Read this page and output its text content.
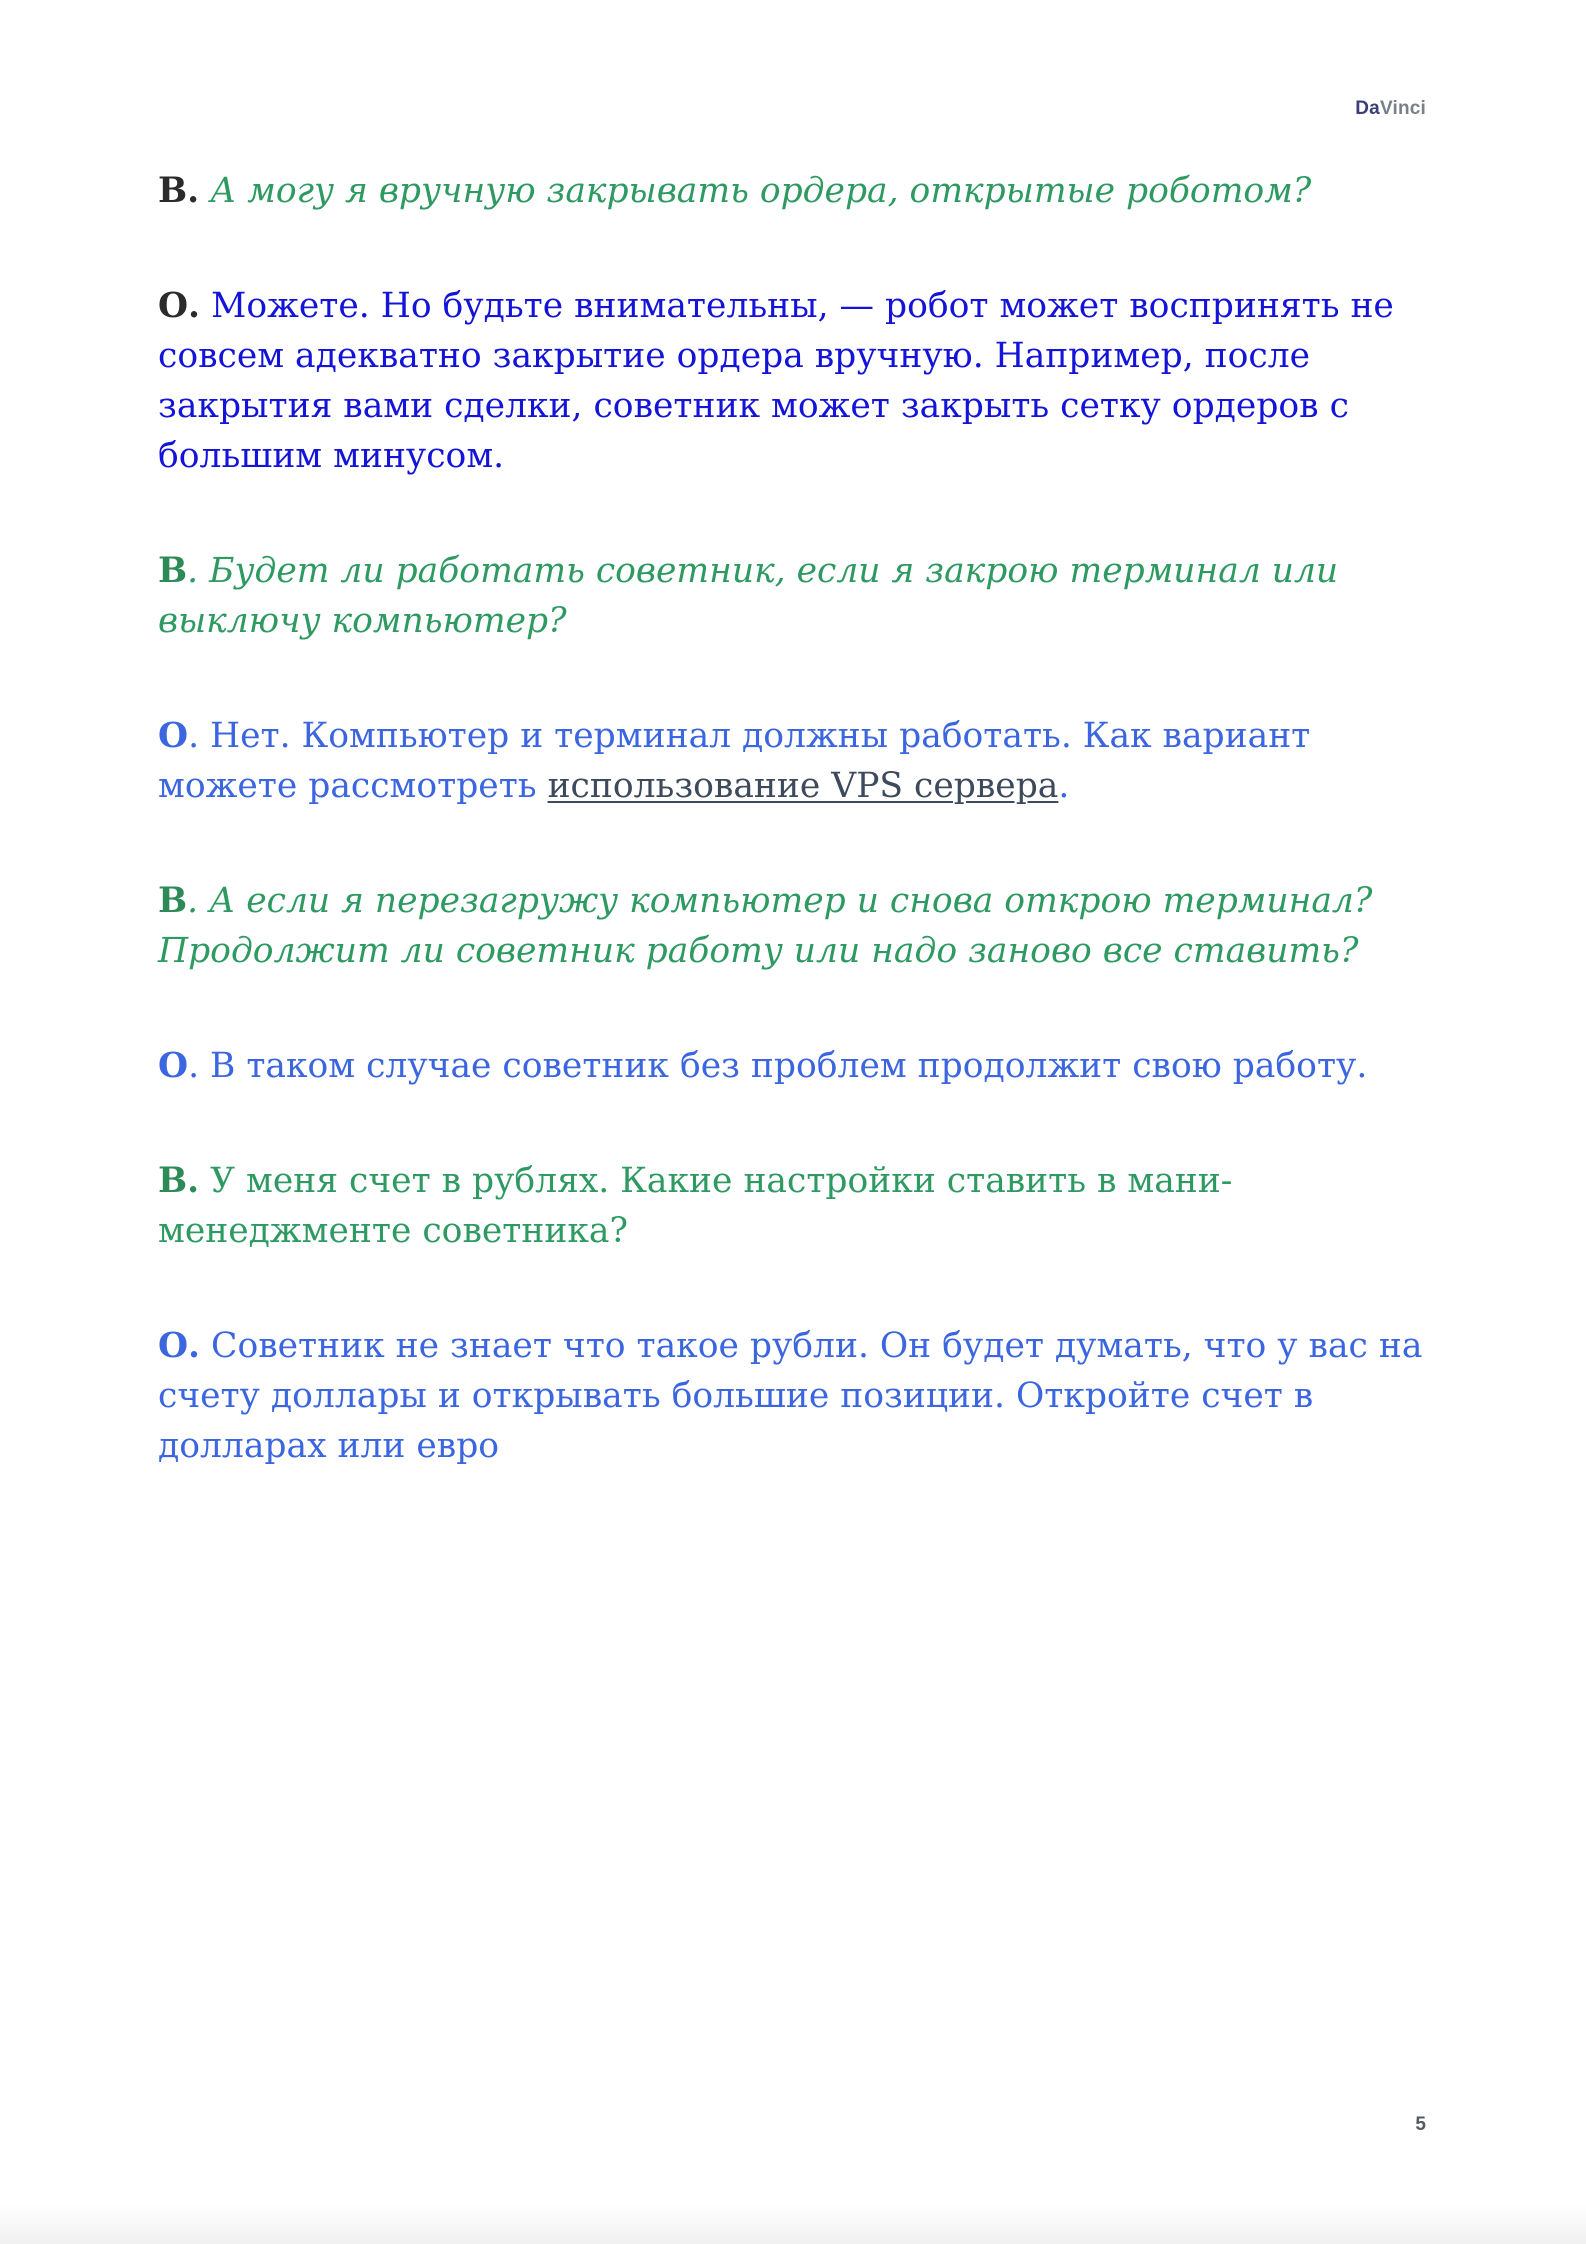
DaVinci

В. А могу я вручную закрывать ордера, открытые роботом?

О. Можете. Но будьте внимательны, — робот может воспринять не совсем адекватно закрытие ордера вручную. Например, после закрытия вами сделки, советник может закрыть сетку ордеров с большим минусом.

В. Будет ли работать советник, если я закрою терминал или выключу компьютер?

О. Нет. Компьютер и терминал должны работать. Как вариант можете рассмотреть использование VPS сервера.

В. А если я перезагружу компьютер и снова открою терминал? Продолжит ли советник работу или надо заново все ставить?

О. В таком случае советник без проблем продолжит свою работу.

В. У меня счет в рублях. Какие настройки ставить в мани-менеджменте советника?

О. Советник не знает что такое рубли. Он будет думать, что у вас на счету доллары и открывать большие позиции. Откройте счет в долларах или евро

5
